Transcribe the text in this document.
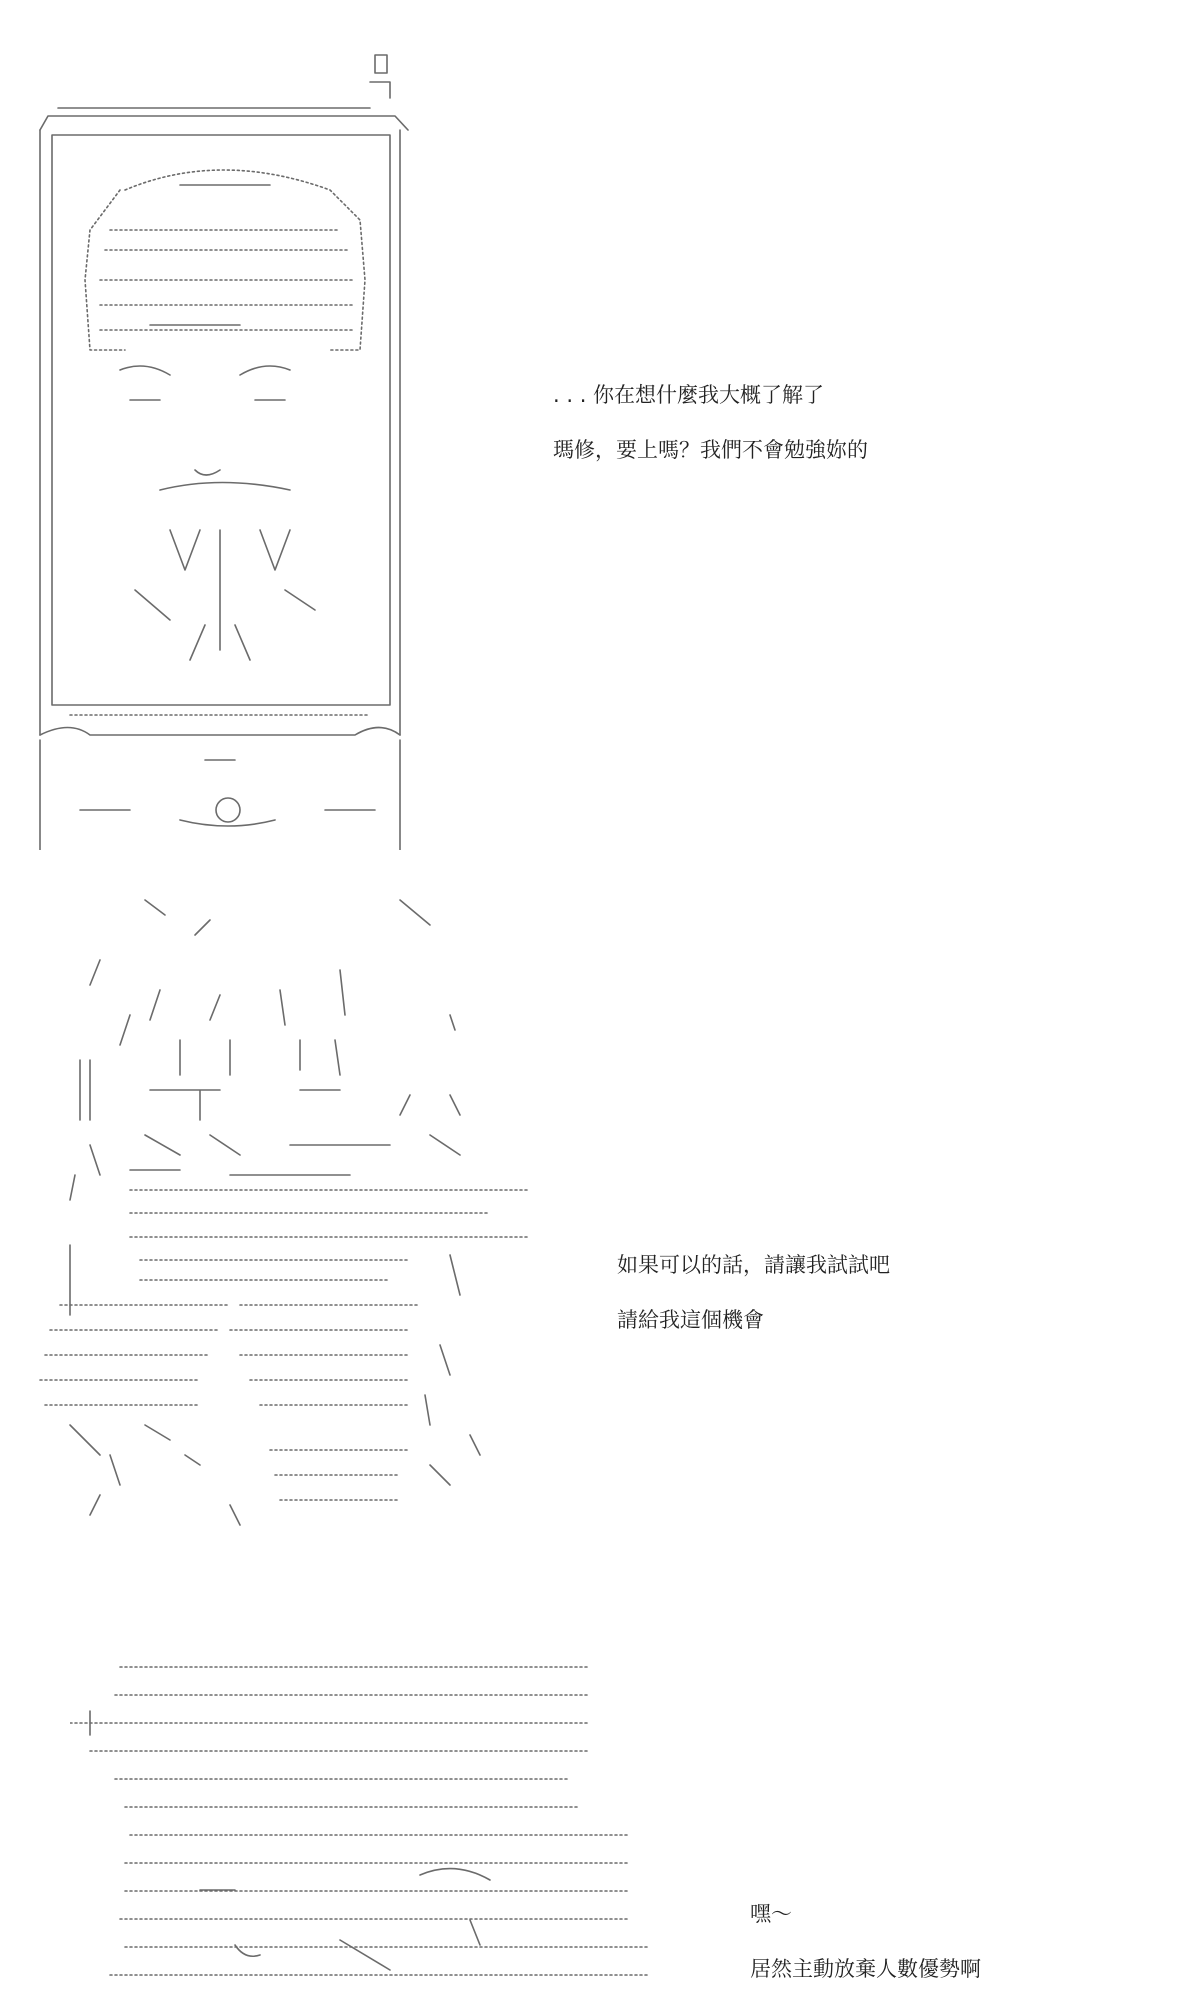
. . . 你在想什麼我大概了解了
瑪修，要上嗎？我們不會勉強妳的
如果可以的話，請讓我試試吧
請給我這個機會
嘿～
居然主動放棄人數優勢啊
